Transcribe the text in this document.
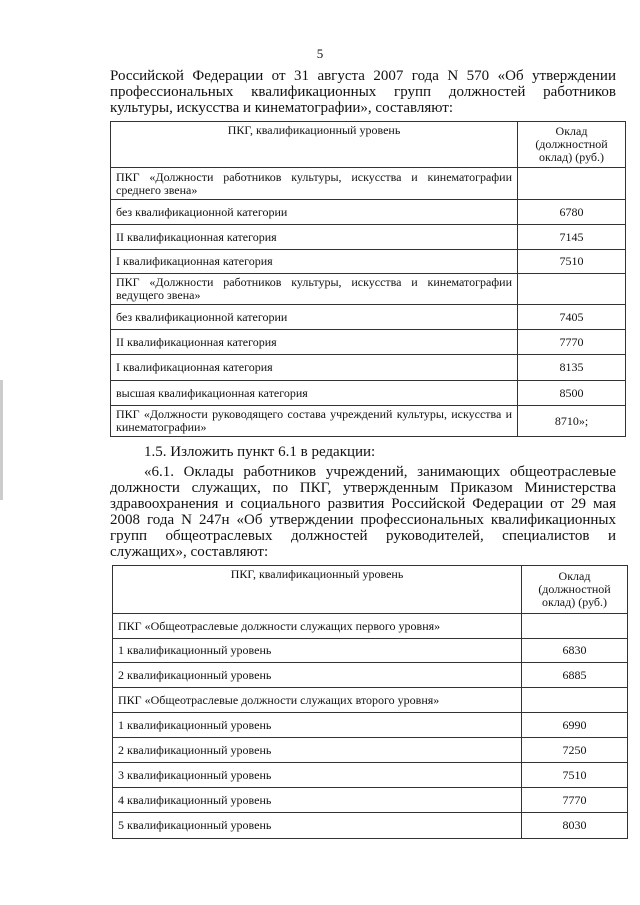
5

Российской Федерации от 31 августа 2007 года N 570 «Об утверждении профессиональных квалификационных групп должностей работников культуры, искусства и кинематографии», составляют:

ПКГ, квалификационный уровень	Оклад (должностной оклад) (руб.)
ПКГ «Должности работников культуры, искусства и кинематографии среднего звена»	
без квалификационной категории	6780
II квалификационная категория	7145
I квалификационная категория	7510
ПКГ «Должности работников культуры, искусства и кинематографии ведущего звена»	
без квалификационной категории	7405
II квалификационная категория	7770
I квалификационная категория	8135
высшая квалификационная категория	8500
ПКГ «Должности руководящего состава учреждений культуры, искусства и кинематографии»	8710»;

1.5. Изложить пункт 6.1 в редакции:

«6.1. Оклады работников учреждений, занимающих общеотраслевые должности служащих, по ПКГ, утвержденным Приказом Министерства здравоохранения и социального развития Российской Федерации от 29 мая 2008 года N 247н «Об утверждении профессиональных квалификационных групп общеотраслевых должностей руководителей, специалистов и служащих», составляют:

ПКГ, квалификационный уровень	Оклад (должностной оклад) (руб.)
ПКГ «Общеотраслевые должности служащих первого уровня»	
1 квалификационный уровень	6830
2 квалификационный уровень	6885
ПКГ «Общеотраслевые должности служащих второго уровня»	
1 квалификационный уровень	6990
2 квалификационный уровень	7250
3 квалификационный уровень	7510
4 квалификационный уровень	7770
5 квалификационный уровень	8030
